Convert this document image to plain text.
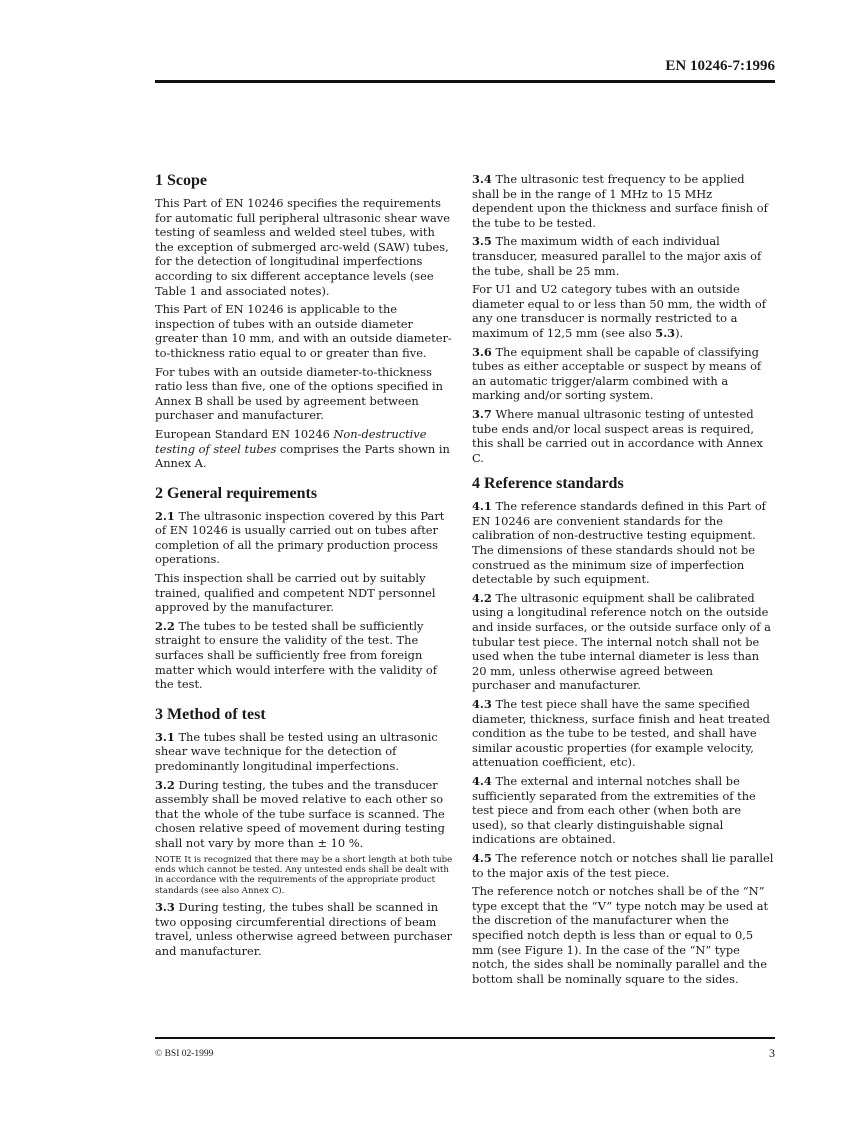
EN 10246-7:1996
1 Scope

This Part of EN 10246 specifies the requirements for automatic full peripheral ultrasonic shear wave testing of seamless and welded steel tubes, with the exception of submerged arc-weld (SAW) tubes, for the detection of longitudinal imperfections according to six different acceptance levels (see Table 1 and associated notes).

This Part of EN 10246 is applicable to the inspection of tubes with an outside diameter greater than 10 mm, and with an outside diameter-to-thickness ratio equal to or greater than five.

For tubes with an outside diameter-to-thickness ratio less than five, one of the options specified in Annex B shall be used by agreement between purchaser and manufacturer.

European Standard EN 10246 Non-destructive testing of steel tubes comprises the Parts shown in Annex A.

2 General requirements

2.1 The ultrasonic inspection covered by this Part of EN 10246 is usually carried out on tubes after completion of all the primary production process operations.

This inspection shall be carried out by suitably trained, qualified and competent NDT personnel approved by the manufacturer.

2.2 The tubes to be tested shall be sufficiently straight to ensure the validity of the test. The surfaces shall be sufficiently free from foreign matter which would interfere with the validity of the test.

3 Method of test

3.1 The tubes shall be tested using an ultrasonic shear wave technique for the detection of predominantly longitudinal imperfections.

3.2 During testing, the tubes and the transducer assembly shall be moved relative to each other so that the whole of the tube surface is scanned. The chosen relative speed of movement during testing shall not vary by more than ± 10 %.

NOTE It is recognized that there may be a short length at both tube ends which cannot be tested. Any untested ends shall be dealt with in accordance with the requirements of the appropriate product standards (see also Annex C).

3.3 During testing, the tubes shall be scanned in two opposing circumferential directions of beam travel, unless otherwise agreed between purchaser and manufacturer.

3.4 The ultrasonic test frequency to be applied shall be in the range of 1 MHz to 15 MHz dependent upon the thickness and surface finish of the tube to be tested.

3.5 The maximum width of each individual transducer, measured parallel to the major axis of the tube, shall be 25 mm.

For U1 and U2 category tubes with an outside diameter equal to or less than 50 mm, the width of any one transducer is normally restricted to a maximum of 12,5 mm (see also 5.3).

3.6 The equipment shall be capable of classifying tubes as either acceptable or suspect by means of an automatic trigger/alarm combined with a marking and/or sorting system.

3.7 Where manual ultrasonic testing of untested tube ends and/or local suspect areas is required, this shall be carried out in accordance with Annex C.

4 Reference standards

4.1 The reference standards defined in this Part of EN 10246 are convenient standards for the calibration of non-destructive testing equipment. The dimensions of these standards should not be construed as the minimum size of imperfection detectable by such equipment.

4.2 The ultrasonic equipment shall be calibrated using a longitudinal reference notch on the outside and inside surfaces, or the outside surface only of a tubular test piece. The internal notch shall not be used when the tube internal diameter is less than 20 mm, unless otherwise agreed between purchaser and manufacturer.

4.3 The test piece shall have the same specified diameter, thickness, surface finish and heat treated condition as the tube to be tested, and shall have similar acoustic properties (for example velocity, attenuation coefficient, etc).

4.4 The external and internal notches shall be sufficiently separated from the extremities of the test piece and from each other (when both are used), so that clearly distinguishable signal indications are obtained.

4.5 The reference notch or notches shall lie parallel to the major axis of the test piece.

The reference notch or notches shall be of the “N” type except that the “V” type notch may be used at the discretion of the manufacturer when the specified notch depth is less than or equal to 0,5 mm (see Figure 1). In the case of the “N” type notch, the sides shall be nominally parallel and the bottom shall be nominally square to the sides.

© BSI 02-1999	3
